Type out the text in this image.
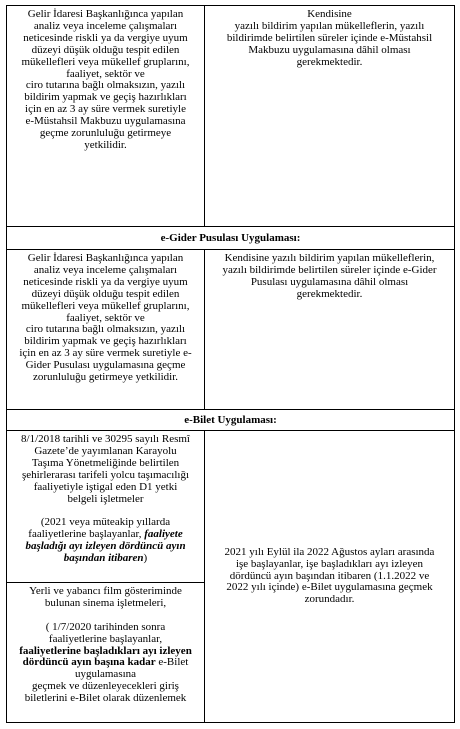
Gelir İdaresi Başkanlığınca yapılan
analiz veya inceleme çalışmaları
neticesinde riskli ya da vergiye uyum
düzeyi düşük olduğu tespit edilen
mükellefleri veya mükellef gruplarını,
faaliyet, sektör ve
ciro tutarına bağlı olmaksızın, yazılı
bildirim yapmak ve geçiş hazırlıkları
için en az 3 ay süre vermek suretiyle
e-Müstahsil Makbuzu uygulamasına
geçme zorunluluğu getirmeye
yetkilidir.
Kendisine
yazılı bildirim yapılan mükelleflerin, yazılı
bildirimde belirtilen süreler içinde e-Müstahsil
Makbuzu uygulamasına dâhil olması
gerekmektedir.
e-Gider Pusulası Uygulaması:
Gelir İdaresi Başkanlığınca yapılan
analiz veya inceleme çalışmaları
neticesinde riskli ya da vergiye uyum
düzeyi düşük olduğu tespit edilen
mükellefleri veya mükellef gruplarını,
faaliyet, sektör ve
ciro tutarına bağlı olmaksızın, yazılı
bildirim yapmak ve geçiş hazırlıkları
için en az 3 ay süre vermek suretiyle e-
Gider Pusulası uygulamasına geçme
zorunluluğu getirmeye yetkilidir.
Kendisine yazılı bildirim yapılan mükelleflerin,
yazılı bildirimde belirtilen süreler içinde e-Gider
Pusulası uygulamasına dâhil olması
gerekmektedir.
e-Bilet Uygulaması:
8/1/2018 tarihli ve 30295 sayılı Resmî
Gazete’de yayımlanan Karayolu
Taşıma Yönetmeliğinde belirtilen
şehirlerarası tarifeli yolcu taşımacılığı
faaliyetiyle iştigal eden D1 yetki
belgeli işletmeler
(2021 veya müteakip yıllarda
faaliyetlerine başlayanlar, faaliyete
başladığı ayı izleyen dördüncü ayın
başından itibaren)
2021 yılı Eylül ila 2022 Ağustos ayları arasında
işe başlayanlar, işe başladıkları ayı izleyen
dördüncü ayın başından itibaren (1.1.2022 ve
2022 yılı içinde) e-Bilet uygulamasına geçmek
zorundadır.
Yerli ve yabancı film gösteriminde
bulunan sinema işletmeleri,
( 1/7/2020 tarihinden sonra
faaliyetlerine başlayanlar,
faaliyetlerine başladıkları ayı izleyen
dördüncü ayın başına kadar e-Bilet
uygulamasına
geçmek ve düzenleyecekleri giriş
biletlerini e-Bilet olarak düzenlemek
